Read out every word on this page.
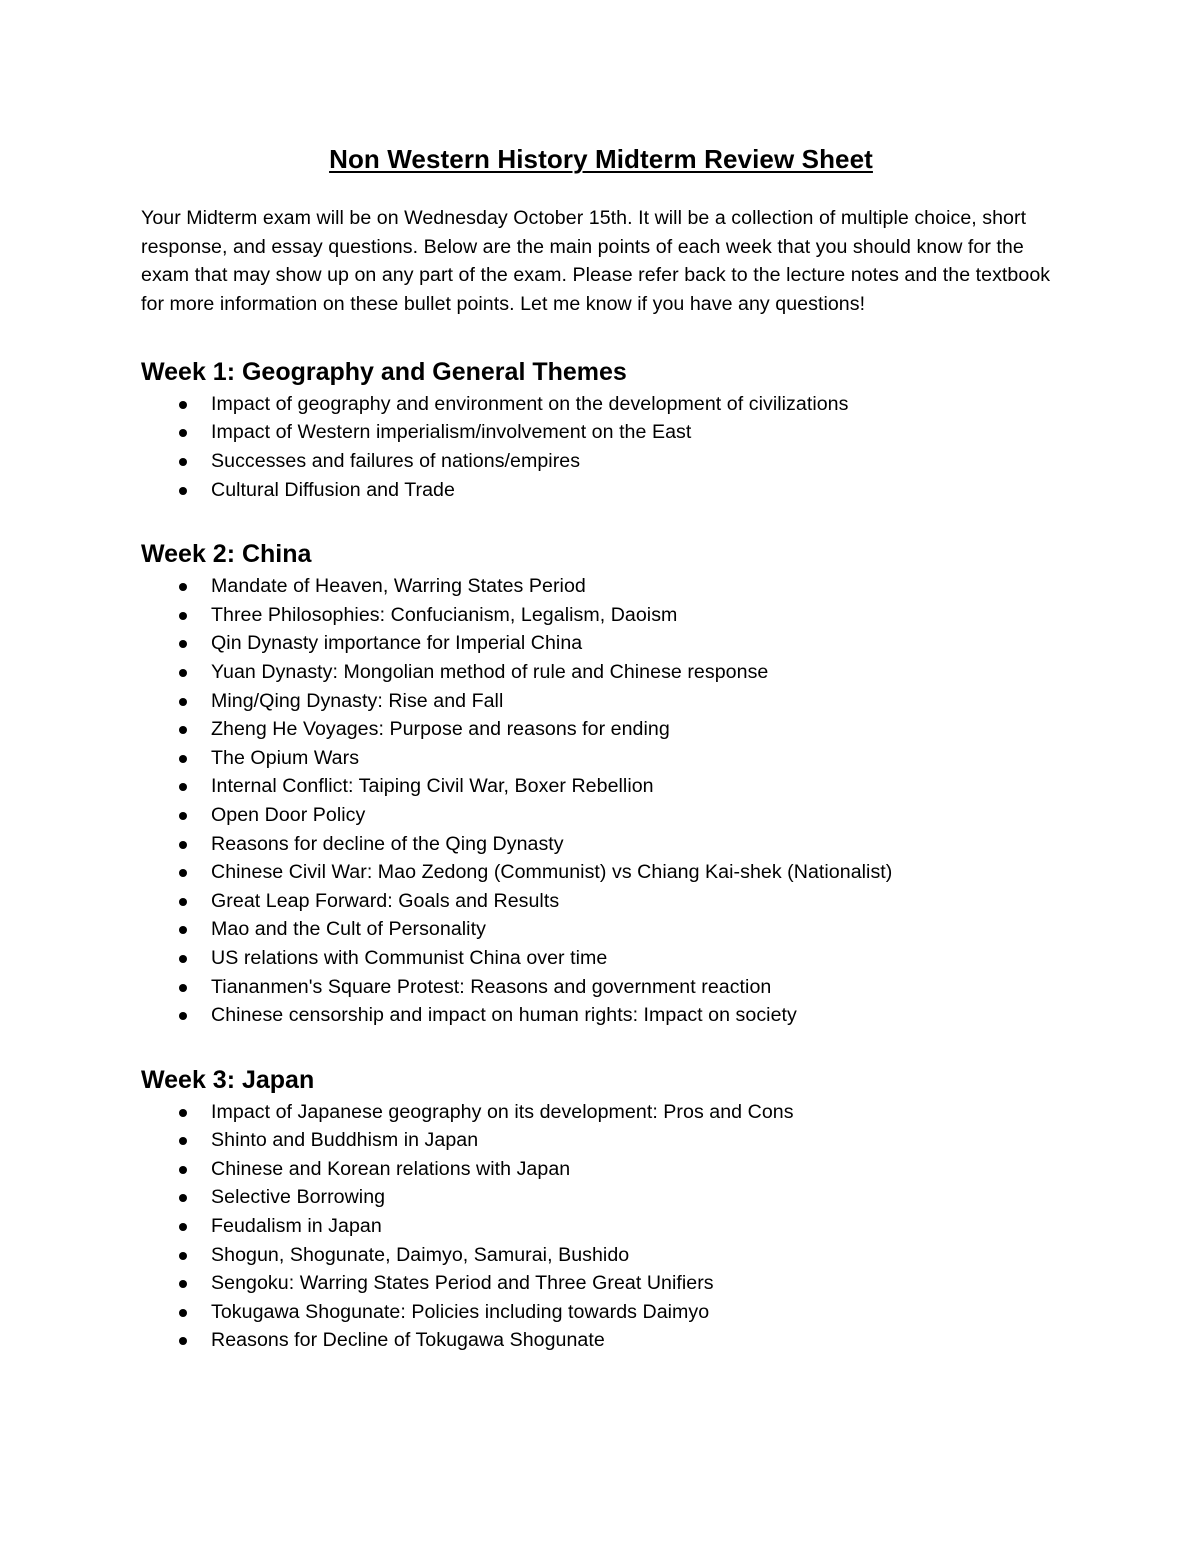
Non Western History Midterm Review Sheet

Your Midterm exam will be on Wednesday October 15th. It will be a collection of multiple choice, short response, and essay questions. Below are the main points of each week that you should know for the exam that may show up on any part of the exam. Please refer back to the lecture notes and the textbook for more information on these bullet points. Let me know if you have any questions!

Week 1: Geography and General Themes
Impact of geography and environment on the development of civilizations
Impact of Western imperialism/involvement on the East
Successes and failures of nations/empires
Cultural Diffusion and Trade
Week 2: China
Mandate of Heaven, Warring States Period
Three Philosophies: Confucianism, Legalism, Daoism
Qin Dynasty importance for Imperial China
Yuan Dynasty: Mongolian method of rule and Chinese response
Ming/Qing Dynasty: Rise and Fall
Zheng He Voyages: Purpose and reasons for ending
The Opium Wars
Internal Conflict: Taiping Civil War, Boxer Rebellion
Open Door Policy
Reasons for decline of the Qing Dynasty
Chinese Civil War: Mao Zedong (Communist) vs Chiang Kai-shek (Nationalist)
Great Leap Forward: Goals and Results
Mao and the Cult of Personality
US relations with Communist China over time
Tiananmen's Square Protest: Reasons and government reaction
Chinese censorship and impact on human rights: Impact on society
Week 3: Japan
Impact of Japanese geography on its development: Pros and Cons
Shinto and Buddhism in Japan
Chinese and Korean relations with Japan
Selective Borrowing
Feudalism in Japan
Shogun, Shogunate, Daimyo, Samurai, Bushido
Sengoku: Warring States Period and Three Great Unifiers
Tokugawa Shogunate: Policies including towards Daimyo
Reasons for Decline of Tokugawa Shogunate
